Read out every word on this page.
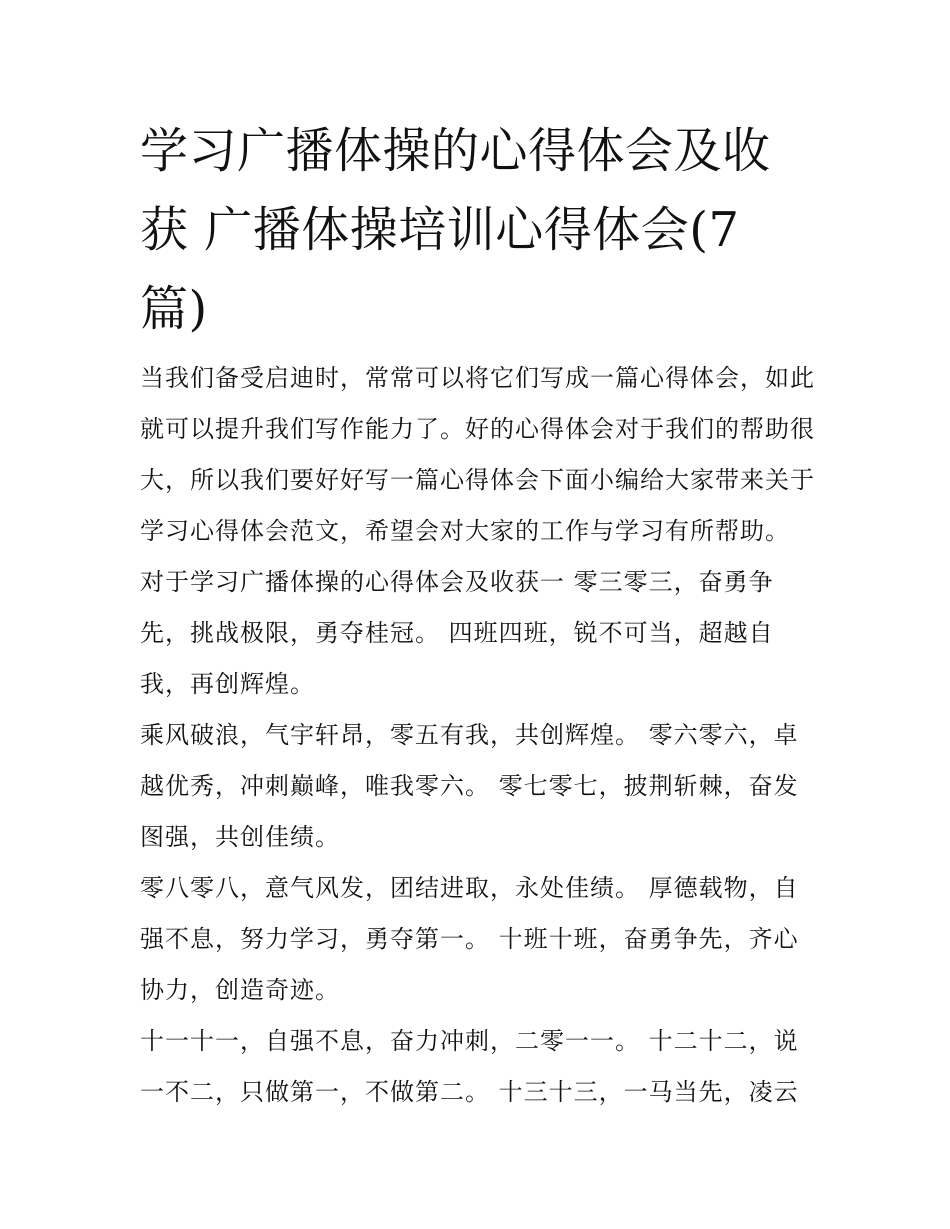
学习广播体操的心得体会及收
获 广播体操培训心得体会(7
篇)

当我们备受启迪时，常常可以将它们写成一篇心得体会，如此
就可以提升我们写作能力了。好的心得体会对于我们的帮助很
大，所以我们要好好写一篇心得体会下面小编给大家带来关于
学习心得体会范文，希望会对大家的工作与学习有所帮助。

对于学习广播体操的心得体会及收获一 零三零三，奋勇争
先，挑战极限，勇夺桂冠。 四班四班，锐不可当，超越自
我，再创辉煌。

乘风破浪，气宇轩昂，零五有我，共创辉煌。 零六零六，卓
越优秀，冲刺巅峰，唯我零六。 零七零七，披荆斩棘，奋发
图强，共创佳绩。

零八零八，意气风发，团结进取，永处佳绩。 厚德载物，自
强不息，努力学习，勇夺第一。 十班十班，奋勇争先，齐心
协力，创造奇迹。

十一十一，自强不息，奋力冲刺，二零一一。 十二十二，说
一不二，只做第一，不做第二。 十三十三，一马当先，凌云
